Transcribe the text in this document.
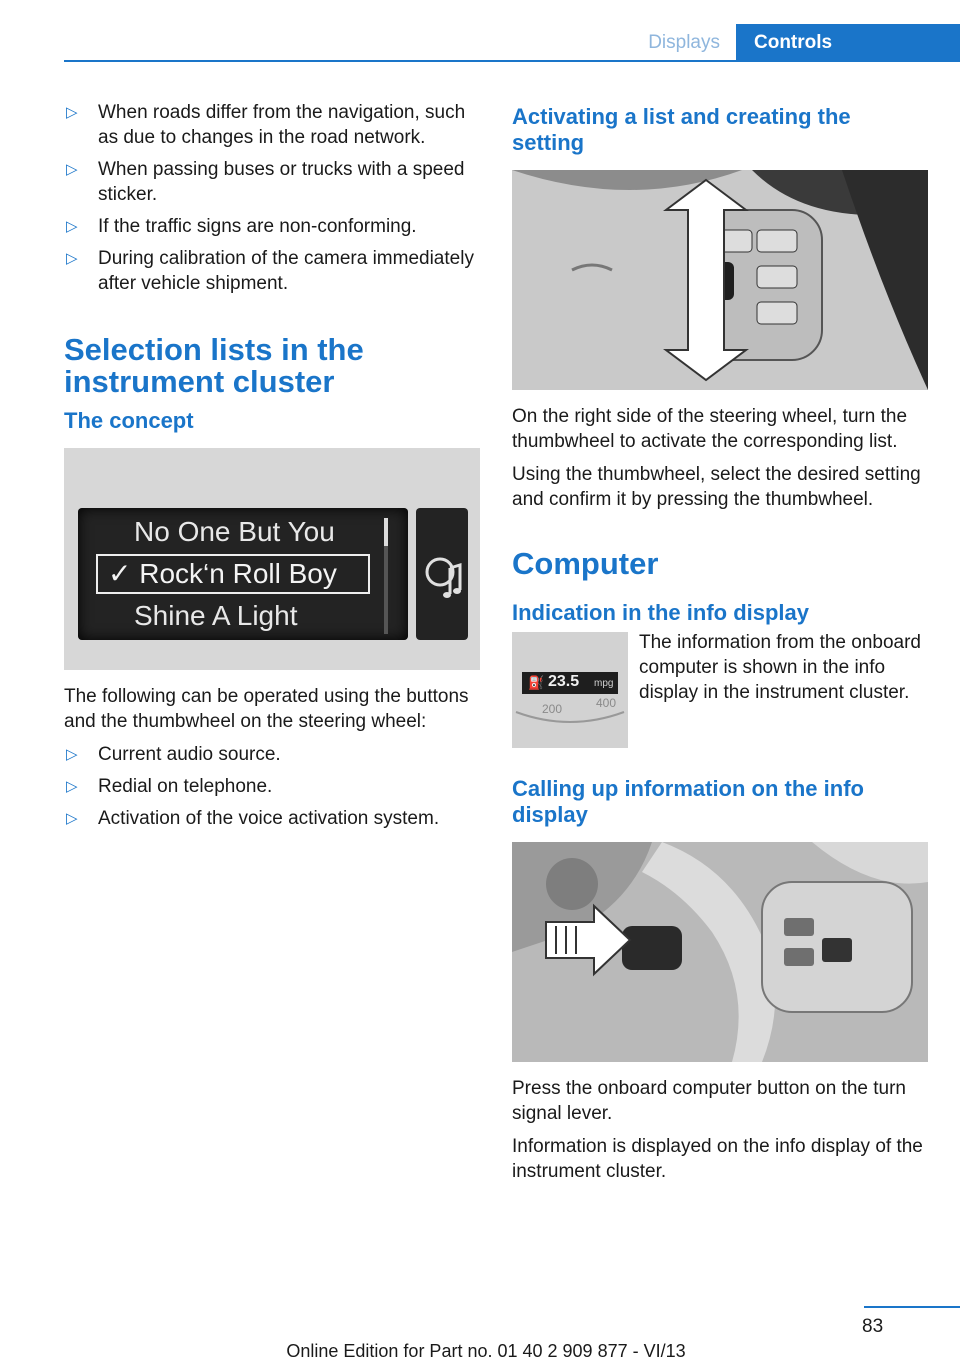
Displays	Controls
▷ When roads differ from the navigation, such as due to changes in the road network.
▷ When passing buses or trucks with a speed sticker.
▷ If the traffic signs are non-conforming.
▷ During calibration of the camera immediately after vehicle shipment.
Selection lists in the instrument cluster
The concept
No One But You
✓ Rock‘n Roll Boy
Shine A Light

The following can be operated using the buttons and the thumbwheel on the steering wheel:

▷ Current audio source.
▷ Redial on telephone.
▷ Activation of the voice activation system.
Activating a list and creating the setting

On the right side of the steering wheel, turn the thumbwheel to activate the corresponding list.

Using the thumbwheel, select the desired setting and confirm it by pressing the thumbwheel.

Computer
Indication in the info display
⛽ 23.5 mpg
200	400

The information from the onboard computer is shown in the info display in the instrument cluster.

Calling up information on the info display

Press the onboard computer button on the turn signal lever.

Information is displayed on the info display of the instrument cluster.

83
Online Edition for Part no. 01 40 2 909 877 - VI/13
